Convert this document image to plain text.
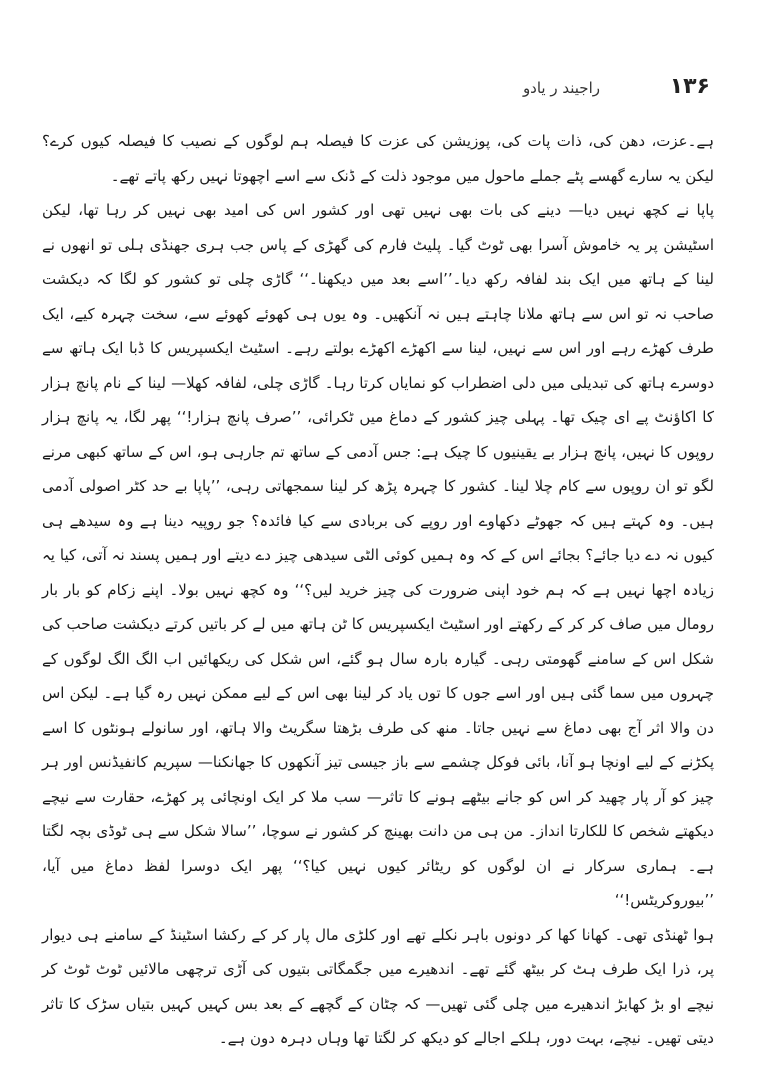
۱۳۶
راجیند ر یادو

ہے۔عزت، دھن کی، ذات پات کی، پوزیشن کی عزت کا فیصلہ ہم لوگوں کے نصیب کا فیصلہ کیوں کرے؟ لیکن یہ سارے گھسے پٹے جملے ماحول میں موجود ذلت کے ڈنک سے اسے اچھوتا نہیں رکھ پاتے تھے۔

پاپا نے کچھ نہیں دیا— دینے کی بات بھی نہیں تھی اور کشور اس کی امید بھی نہیں کر رہا تھا، لیکن اسٹیشن پر یہ خاموش آسرا بھی ٹوٹ گیا۔ پلیٹ فارم کی گھڑی کے پاس جب ہری جھنڈی ہلی تو انھوں نے لینا کے ہاتھ میں ایک بند لفافہ رکھ دیا۔’’اسے بعد میں دیکھنا۔‘‘ گاڑی چلی تو کشور کو لگا کہ دیکشت صاحب نہ تو اس سے ہاتھ ملانا چاہتے ہیں نہ آنکھیں۔ وہ یوں ہی کھوئے کھوئے سے، سخت چہرہ کیے، ایک طرف کھڑے رہے اور اس سے نہیں، لینا سے اکھڑے اکھڑے بولتے رہے۔ اسٹیٹ ایکسپریس کا ڈبا ایک ہاتھ سے دوسرے ہاتھ کی تبدیلی میں دلی اضطراب کو نمایاں کرتا رہا۔ گاڑی چلی، لفافہ کھلا— لینا کے نام پانچ ہزار کا اکاؤنٹ پے ای چیک تھا۔ پہلی چیز کشور کے دماغ میں ٹکرائی، ’’صرف پانچ ہزار!‘‘ پھر لگا، یہ پانچ ہزار روپوں کا نہیں، پانچ ہزار بے یقینیوں کا چیک ہے: جس آدمی کے ساتھ تم جارہی ہو، اس کے ساتھ کبھی مرنے لگو تو ان روپوں سے کام چلا لینا۔ کشور کا چہرہ پڑھ کر لینا سمجھاتی رہی، ’’پاپا بے حد کٹر اصولی آدمی ہیں۔ وہ کہتے ہیں کہ جھوٹے دکھاوے اور روپے کی بربادی سے کیا فائدہ؟ جو روپیہ دینا ہے وہ سیدھے ہی کیوں نہ دے دیا جائے؟ بجائے اس کے کہ وہ ہمیں کوئی الٹی سیدھی چیز دے دیتے اور ہمیں پسند نہ آتی، کیا یہ زیادہ اچھا نہیں ہے کہ ہم خود اپنی ضرورت کی چیز خرید لیں؟‘‘ وہ کچھ نہیں بولا۔ اپنے زکام کو بار بار رومال میں صاف کر کر کے رکھتے اور اسٹیٹ ایکسپریس کا ٹن ہاتھ میں لے کر باتیں کرتے دیکشت صاحب کی شکل اس کے سامنے گھومتی رہی۔ گیارہ بارہ سال ہو گئے، اس شکل کی ریکھائیں اب الگ الگ لوگوں کے چہروں میں سما گئی ہیں اور اسے جوں کا توں یاد کر لینا بھی اس کے لیے ممکن نہیں رہ گیا ہے۔ لیکن اس دن والا اثر آج بھی دماغ سے نہیں جاتا۔ منھ کی طرف بڑھتا سگریٹ والا ہاتھ، اور سانولے ہونٹوں کا اسے پکڑنے کے لیے اونچا ہو آنا، بائی فوکل چشمے سے باز جیسی تیز آنکھوں کا جھانکنا— سپریم کانفیڈنس اور ہر چیز کو آر پار چھید کر اس کو جانے بیٹھے ہونے کا تاثر— سب ملا کر ایک اونچائی پر کھڑے، حقارت سے نیچے دیکھتے شخص کا للکارتا انداز۔ من ہی من دانت بھینچ کر کشور نے سوچا، ’’سالا شکل سے ہی ٹوڈی بچہ لگتا ہے۔ ہماری سرکار نے ان لوگوں کو ریٹائر کیوں نہیں کیا؟‘‘ پھر ایک دوسرا لفظ دماغ میں آیا، ’’بیوروکریٹس!‘‘

ہوا ٹھنڈی تھی۔ کھانا کھا کر دونوں باہر نکلے تھے اور کلڑی مال پار کر کے رکشا اسٹینڈ کے سامنے ہی دیوار پر، ذرا ایک طرف ہٹ کر بیٹھ گئے تھے۔ اندھیرے میں جگمگاتی بتیوں کی آڑی ترچھی مالائیں ٹوٹ ٹوٹ کر نیچے او بڑ کھابڑ اندھیرے میں چلی گئی تھیں— کہ چٹان کے گچھے کے بعد بس کہیں کہیں بتیاں سڑک کا تاثر دیتی تھیں۔ نیچے، بہت دور، ہلکے اجالے کو دیکھ کر لگتا تھا وہاں دہرہ دون ہے۔
